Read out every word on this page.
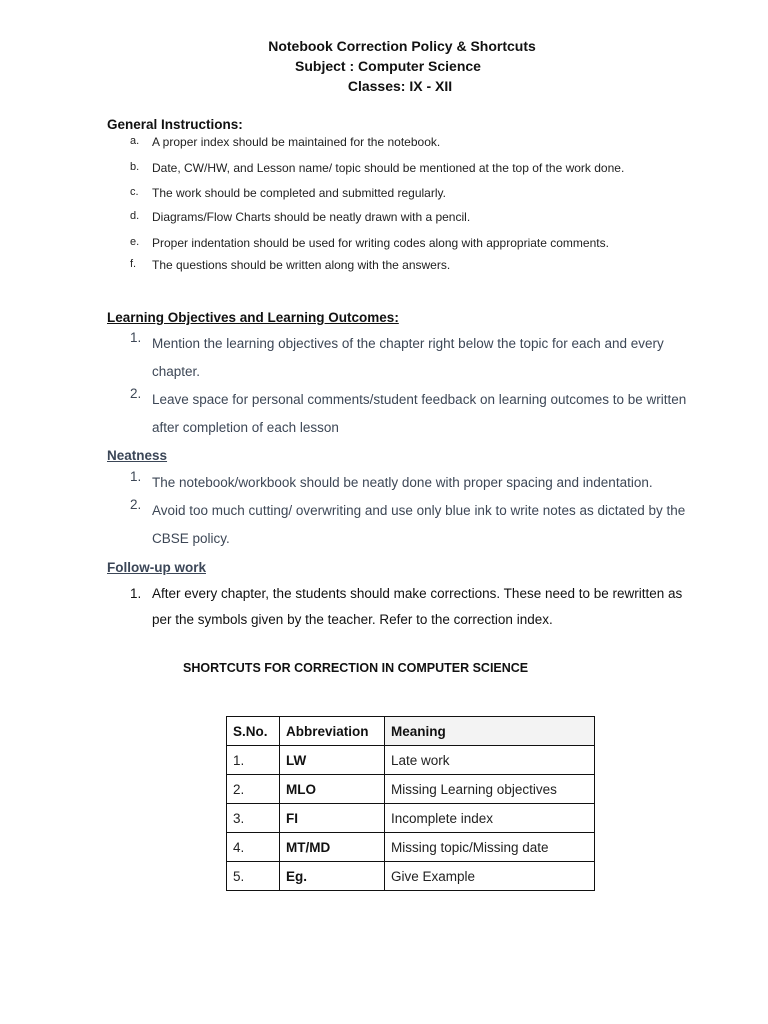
Notebook Correction Policy & Shortcuts
Subject : Computer Science
Classes: IX - XII
General Instructions:
a. A proper index should be maintained for the notebook.
b. Date, CW/HW, and Lesson name/ topic should be mentioned at the top of the work done.
c. The work should be completed and submitted regularly.
d. Diagrams/Flow Charts should be neatly drawn with a pencil.
e. Proper indentation should be used for writing codes along with appropriate comments.
f. The questions should be written along with the answers.
Learning Objectives and Learning Outcomes:
1. Mention the learning objectives of the chapter right below the topic for each and every chapter.
2. Leave space for personal comments/student feedback on learning outcomes to be written after completion of each lesson
Neatness
1. The notebook/workbook should be neatly done with proper spacing and indentation.
2. Avoid too much cutting/ overwriting and use only blue ink to write notes as dictated by the CBSE policy.
Follow-up work
1. After every chapter, the students should make corrections. These need to be rewritten as per the symbols given by the teacher. Refer to the correction index.
SHORTCUTS FOR CORRECTION IN COMPUTER SCIENCE
S.No.	Abbreviation	Meaning
1.	LW	Late work
2.	MLO	Missing Learning objectives
3.	FI	Incomplete index
4.	MT/MD	Missing topic/Missing date
5.	Eg.	Give Example
